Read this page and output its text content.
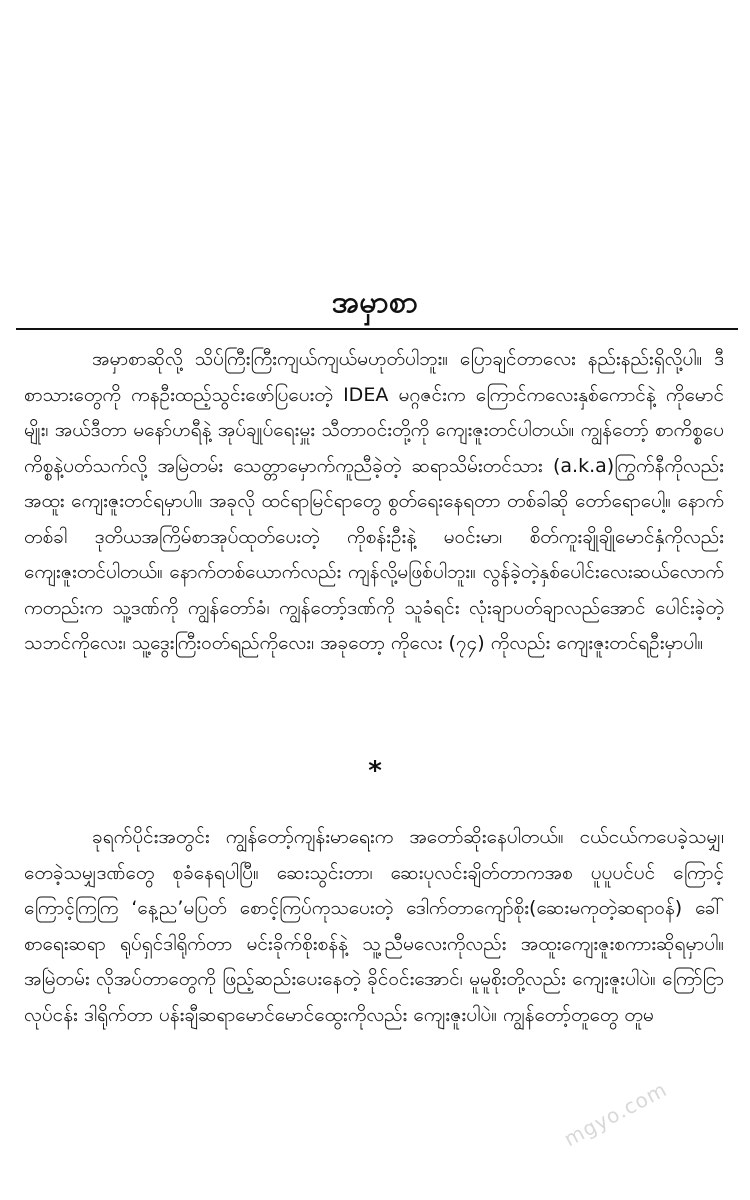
အမှာစာ

အမှာစာဆိုလို့ သိပ်ကြီးကြီးကျယ်ကျယ်မဟုတ်ပါဘူး။ ပြောချင်တာလေး နည်းနည်းရှိလို့ပါ။ ဒီစာသားတွေကို ကနဦးထည့်သွင်းဖော်ပြပေးတဲ့ IDEA မဂ္ဂဇင်းက ကြောင်ကလေးနှစ်ကောင်နဲ့ ကိုမောင်မျိုး၊ အယ်ဒီတာ မနော်ဟရီနဲ့ အုပ်ချုပ်ရေးမှူး သီတာဝင်းတို့ကို ကျေးဇူးတင်ပါတယ်။ ကျွန်တော့် စာကိစ္စပေကိစ္စနဲ့ပတ်သက်လို့ အမြဲတမ်း သေတ္တာမှောက်ကူညီခဲ့တဲ့ ဆရာသိမ်းတင်သား (a.k.a)ကြွက်နီကိုလည်း အထူး ကျေးဇူးတင်ရမှာပါ။ အခုလို ထင်ရာမြင်ရာတွေ စွတ်ရေးနေရတာ တစ်ခါဆို တော်ရောပေါ့။ နောက်တစ်ခါ ဒုတိယအကြိမ်စာအုပ်ထုတ်ပေးတဲ့ ကိုစန်းဦးနဲ့ မဝင်းမာ၊ စိတ်ကူးချိုချိုမောင်နှံကိုလည်း ကျေးဇူးတင်ပါတယ်။ နောက်တစ်ယောက်လည်း ကျန်လို့မဖြစ်ပါဘူး။ လွန်ခဲ့တဲ့နှစ်ပေါင်းလေးဆယ်လောက်ကတည်းက သူ့ဒဏ်ကို ကျွန်တော်ခံ၊ ကျွန်တော့်ဒဏ်ကို သူခံရင်း လုံးချာပတ်ချာလည်အောင် ပေါင်းခဲ့တဲ့ သဘင်ကိုလေး၊ သူ့ဒွေးကြီးဝတ်ရည်ကိုလေး၊ အခုတော့ ကိုလေး (၇၄) ကိုလည်း ကျေးဇူးတင်ရဦးမှာပါ။

*

ခုရက်ပိုင်းအတွင်း ကျွန်တော့်ကျန်းမာရေးက အတော်ဆိုးနေပါတယ်။ ငယ်ငယ်ကပေခဲ့သမျှ၊ တေခဲ့သမျှဒဏ်တွေ စုခံနေရပါပြီ။ ဆေးသွင်းတာ၊ ဆေးပုလင်းချိတ်တာကအစ ပူပူပင်ပင် ကြောင့်ကြောင့်ကြကြ ‘နေ့ည’မပြတ် စောင့်ကြပ်ကုသပေးတဲ့ ဒေါက်တာကျော်စိုး(ဆေးမကုတဲ့ဆရာဝန်) ခေါ် စာရေးဆရာ ရုပ်ရှင်ဒါရိုက်တာ မင်းခိုက်စိုးစန်နဲ့ သူ့ညီမလေးကိုလည်း အထူးကျေးဇူးစကားဆိုရမှာပါ။ အမြဲတမ်း လိုအပ်တာတွေကို ဖြည့်ဆည်းပေးနေတဲ့ ခိုင်ဝင်းအောင်၊ မူမူစိုးတို့လည်း ကျေးဇူးပါပဲ။ ကြော်ငြာလုပ်ငန်း ဒါရိုက်တာ ပန်းချီဆရာမောင်မောင်ထွေးကိုလည်း ကျေးဇူးပါပဲ။ ကျွန်တော့်တူတွေ တူမ

mgyo.com
